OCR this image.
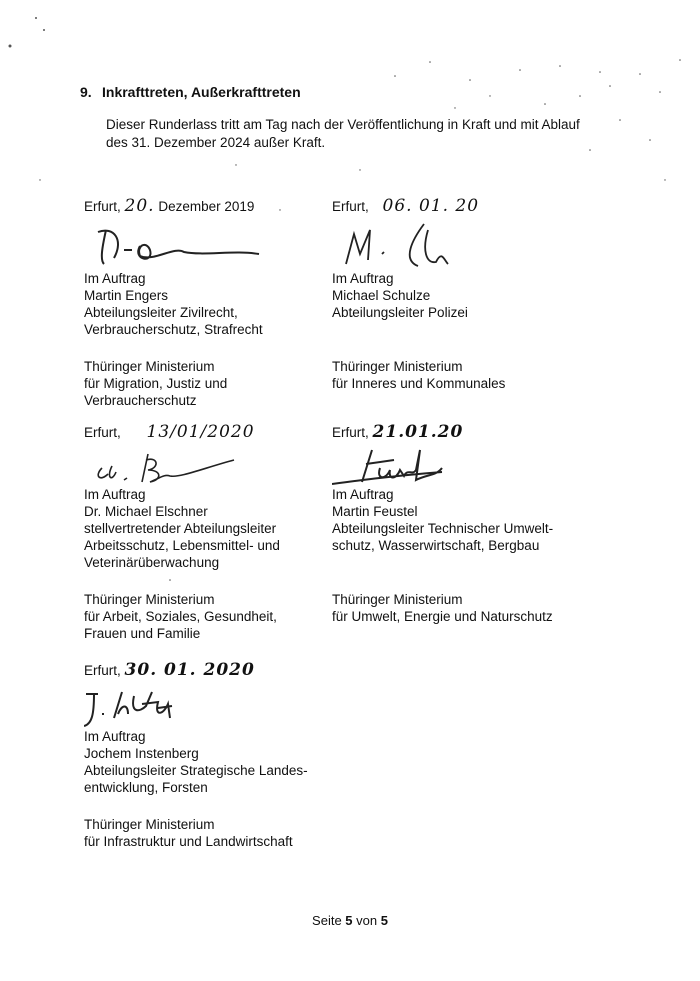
9. Inkrafttreten, Außerkrafttreten
Dieser Runderlass tritt am Tag nach der Veröffentlichung in Kraft und mit Ablauf
des 31. Dezember 2024 außer Kraft.
Erfurt, 20. Dezember 2019
Im Auftrag
Martin Engers
Abteilungsleiter Zivilrecht,
Verbraucherschutz, Strafrecht
Thüringer Ministerium
für Migration, Justiz und
Verbraucherschutz
Erfurt, 06. 01. 20
Im Auftrag
Michael Schulze
Abteilungsleiter Polizei
Thüringer Ministerium
für Inneres und Kommunales
Erfurt, 13/01/2020
Im Auftrag
Dr. Michael Elschner
stellvertretender Abteilungsleiter
Arbeitsschutz, Lebensmittel- und
Veterinärüberwachung
Thüringer Ministerium
für Arbeit, Soziales, Gesundheit,
Frauen und Familie
Erfurt, 21.01.20
Im Auftrag
Martin Feustel
Abteilungsleiter Technischer Umwelt-
schutz, Wasserwirtschaft, Bergbau
Thüringer Ministerium
für Umwelt, Energie und Naturschutz
Erfurt, 30. 01. 2020
Im Auftrag
Jochem Instenberg
Abteilungsleiter Strategische Landes-
entwicklung, Forsten
Thüringer Ministerium
für Infrastruktur und Landwirtschaft
Seite 5 von 5
